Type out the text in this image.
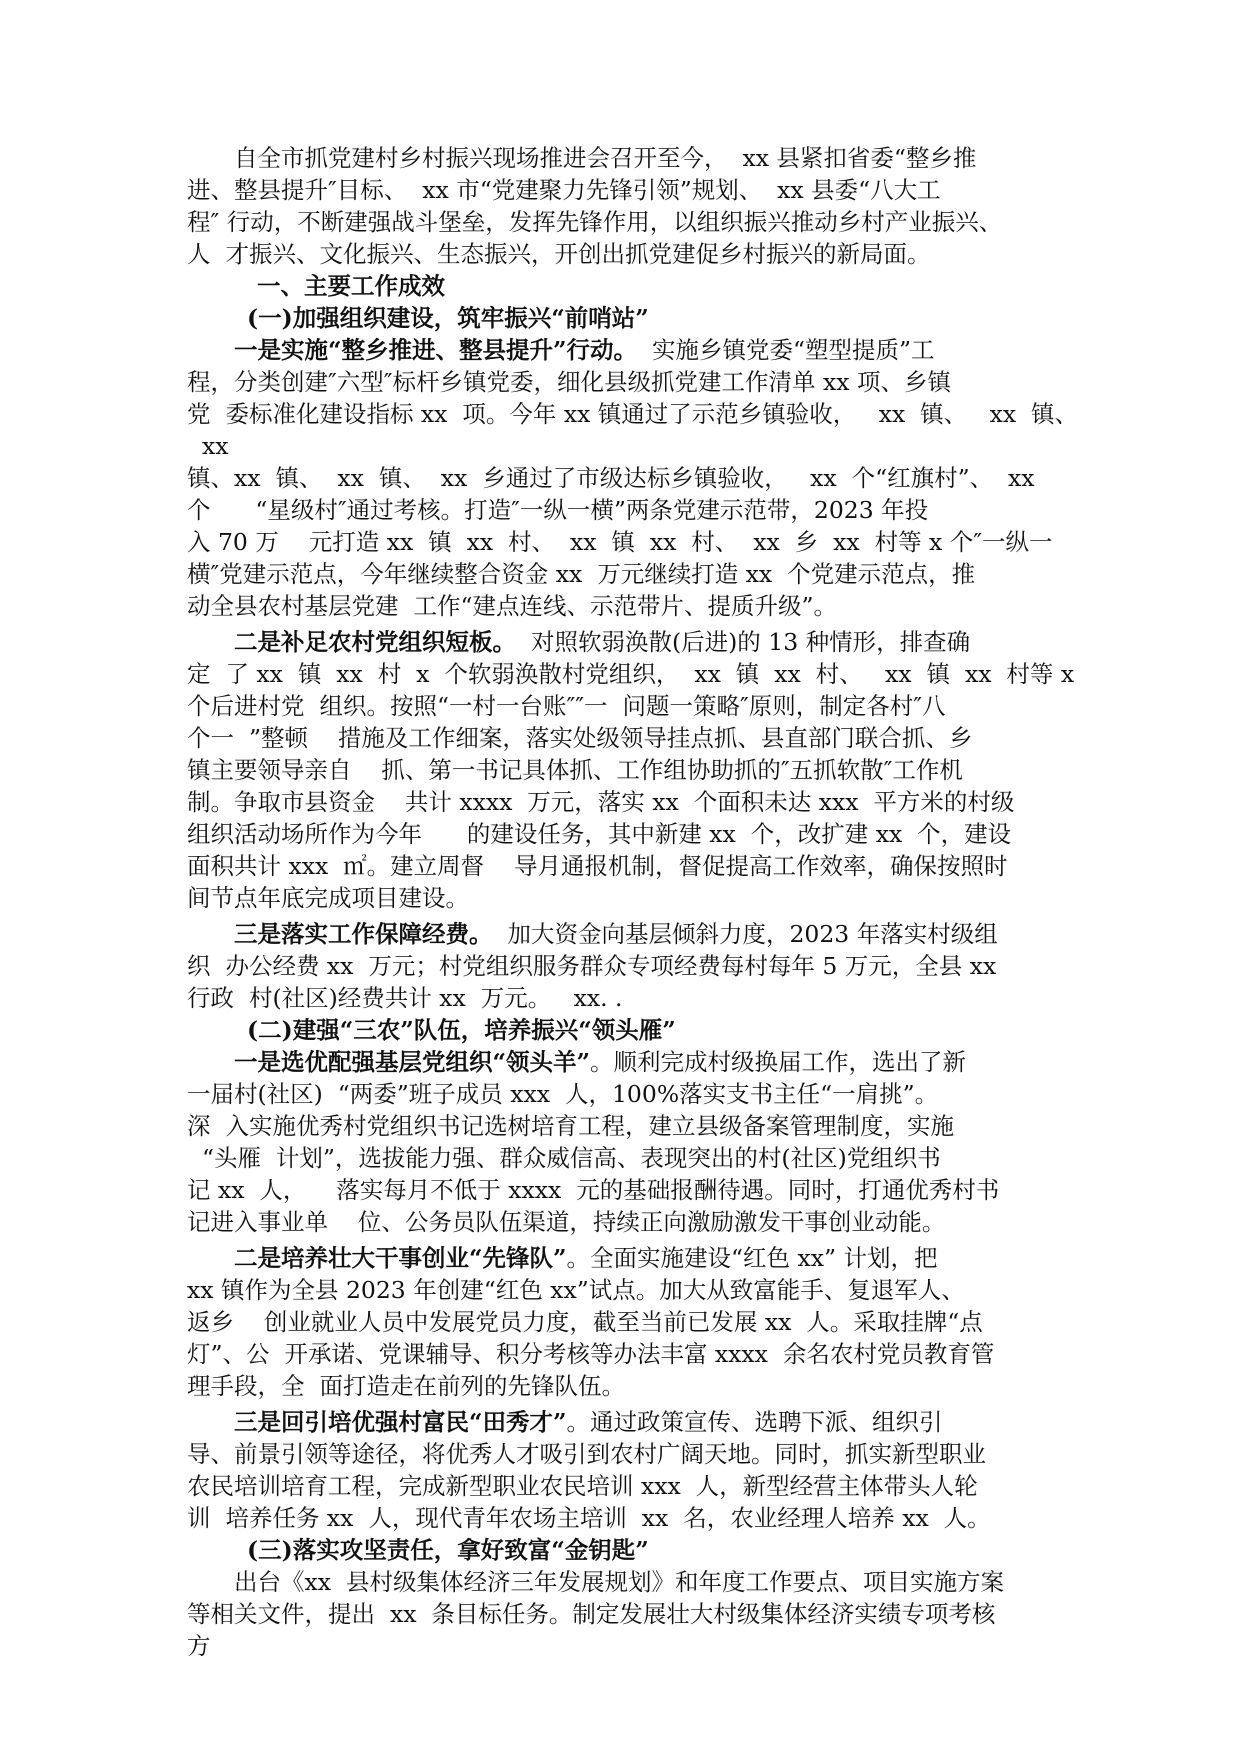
自全市抓党建村乡村振兴现场推进会召开至今，  xx 县紧扣省委“整乡推
进、整县提升″目标、  xx 市“党建聚力先锋引领”规划、  xx 县委“八大工
程″ 行动，不断建强战斗堡垒，发挥先锋作用，以组织振兴推动乡村产业振兴、
人  才振兴、文化振兴、生态振兴，开创出抓党建促乡村振兴的新局面。
一、主要工作成效
(一)加强组织建设，筑牢振兴“前哨站”
一是实施“整乡推进、整县提升”行动。  实施乡镇党委“塑型提质”工
程，分类创建″六型″标杆乡镇党委，细化县级抓党建工作清单 xx 项、乡镇
党  委标准化建设指标 xx  项。今年 xx 镇通过了示范乡镇验收，   xx  镇、   xx  镇、
xx
镇、xx  镇、  xx  镇、  xx  乡通过了市级达标乡镇验收，   xx  个“红旗村”、  xx
个      “星级村″通过考核。打造″一纵一横”两条党建示范带，2023 年投
入 70 万    元打造 xx  镇  xx  村、  xx  镇  xx  村、  xx  乡  xx  村等 x 个″一纵一
横″党建示范点，今年继续整合资金 xx  万元继续打造 xx  个党建示范点，推
动全县农村基层党建  工作“建点连线、示范带片、提质升级”。
二是补足农村党组织短板。  对照软弱涣散(后进)的 13 种情形，排查确
定  了 xx  镇  xx  村  x  个软弱涣散村党组织，  xx  镇  xx  村、   xx  镇  xx  村等 x
个后进村党  组织。按照“一村一台账″″一  问题一策略″原则，制定各村″八
个一  ”整顿    措施及工作细案，落实处级领导挂点抓、县直部门联合抓、乡
镇主要领导亲自    抓、第一书记具体抓、工作组协助抓的″五抓软散″工作机
制。争取市县资金    共计 xxxx  万元，落实 xx  个面积未达 xxx  平方米的村级
组织活动场所作为今年      的建设任务，其中新建 xx  个，改扩建 xx  个，建设
面积共计 xxx  ㎡。建立周督    导月通报机制，督促提高工作效率，确保按照时
间节点年底完成项目建设。
三是落实工作保障经费。  加大资金向基层倾斜力度，2023 年落实村级组
织  办公经费 xx  万元；村党组织服务群众专项经费每村每年 5 万元，全县 xx
行政  村(社区)经费共计 xx  万元。   xx. .
(二)建强“三农”队伍，培养振兴“领头雁”
一是选优配强基层党组织“领头羊”。顺利完成村级换届工作，选出了新
一届村(社区)  “两委”班子成员 xxx  人，100%落实支书主任“一肩挑”。
深  入实施优秀村党组织书记选树培育工程，建立县级备案管理制度，实施
“头雁  计划”，选拔能力强、群众威信高、表现突出的村(社区)党组织书
记 xx  人，    落实每月不低于 xxxx  元的基础报酬待遇。同时，打通优秀村书
记进入事业单    位、公务员队伍渠道，持续正向激励激发干事创业动能。
二是培养壮大干事创业“先锋队”。全面实施建设“红色 xx” 计划，把
xx 镇作为全县 2023 年创建“红色 xx”试点。加大从致富能手、复退军人、
返乡    创业就业人员中发展党员力度，截至当前已发展 xx  人。采取挂牌“点
灯”、公  开承诺、党课辅导、积分考核等办法丰富 xxxx  余名农村党员教育管
理手段，全  面打造走在前列的先锋队伍。
三是回引培优强村富民“田秀才”。通过政策宣传、选聘下派、组织引
导、前景引领等途径，将优秀人才吸引到农村广阔天地。同时，抓实新型职业
农民培训培育工程，完成新型职业农民培训 xxx  人，新型经营主体带头人轮
训  培养任务 xx  人，现代青年农场主培训  xx  名，农业经理人培养 xx  人。
(三)落实攻坚责任，拿好致富“金钥匙”
出台《xx  县村级集体经济三年发展规划》和年度工作要点、项目实施方案
等相关文件，提出  xx  条目标任务。制定发展壮大村级集体经济实绩专项考核
方
